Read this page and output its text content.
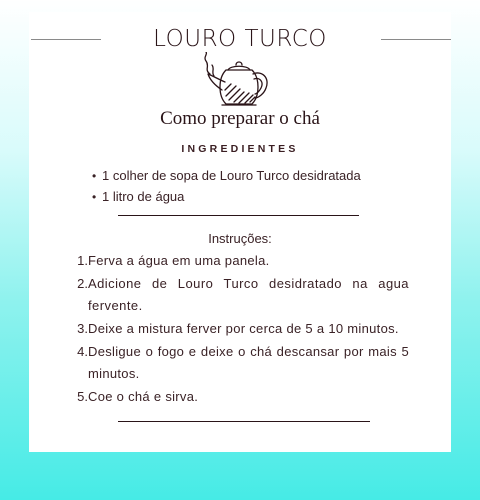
LOURO TURCO
Como preparar o chá
INGREDIENTES
• 1 colher de sopa de Louro Turco desidratada
• 1 litro de água
Instruções:
1. Ferva a água em uma panela.
2. Adicione de Louro Turco desidratado na agua fervente.
3. Deixe a mistura ferver por cerca de 5 a 10 minutos.
4. Desligue o fogo e deixe o chá descansar por mais 5 minutos.
5. Coe o chá e sirva.
